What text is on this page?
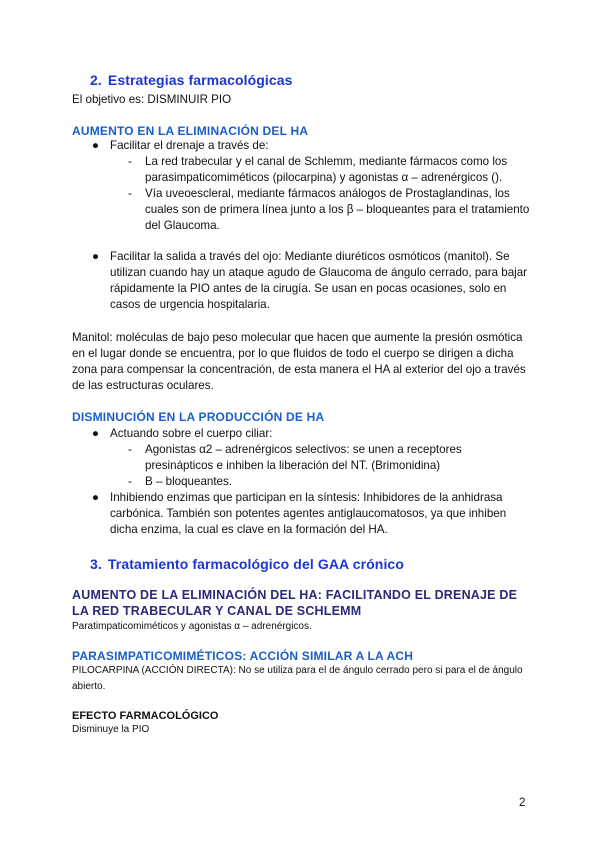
2. Estrategias farmacológicas
El objetivo es: DISMINUIR PIO
AUMENTO EN LA ELIMINACIÓN DEL HA
● Facilitar el drenaje a través de:
- La red trabecular y el canal de Schlemm, mediante fármacos como los parasimpaticomiméticos (pilocarpina) y agonistas α – adrenérgicos ().
- Vía uveoescleral, mediante fármacos análogos de Prostaglandinas, los cuales son de primera línea junto a los β – bloqueantes para el tratamiento del Glaucoma.
● Facilitar la salida a través del ojo: Mediante diuréticos osmóticos (manitol). Se utilizan cuando hay un ataque agudo de Glaucoma de ángulo cerrado, para bajar rápidamente la PIO antes de la cirugía. Se usan en pocas ocasiones, solo en casos de urgencia hospitalaria.
Manitol: moléculas de bajo peso molecular que hacen que aumente la presión osmótica en el lugar donde se encuentra, por lo que fluidos de todo el cuerpo se dirigen a dicha zona para compensar la concentración, de esta manera el HA al exterior del ojo a través de las estructuras oculares.
DISMINUCIÓN EN LA PRODUCCIÓN DE HA
● Actuando sobre el cuerpo ciliar:
- Agonistas α2 – adrenérgicos selectivos: se unen a receptores presinápticos e inhiben la liberación del NT. (Brimonidina)
- B – bloqueantes.
● Inhibiendo enzimas que participan en la síntesis: Inhibidores de la anhidrasa carbónica. También son potentes agentes antiglaucomatosos, ya que inhiben dicha enzima, la cual es clave en la formación del HA.
3. Tratamiento farmacológico del GAA crónico
AUMENTO DE LA ELIMINACIÓN DEL HA: FACILITANDO EL DRENAJE DE LA RED TRABECULAR Y CANAL DE SCHLEMM
Paratimpaticomiméticos y agonistas α – adrenérgicos.
PARASIMPATICOMIMÉTICOS: ACCIÓN SIMILAR A LA ACH
PILOCARPINA (ACCIÓN DIRECTA): No se utiliza para el de ángulo cerrado pero si para el de ángulo abierto.
EFECTO FARMACOLÓGICO
Disminuye la PIO
2
